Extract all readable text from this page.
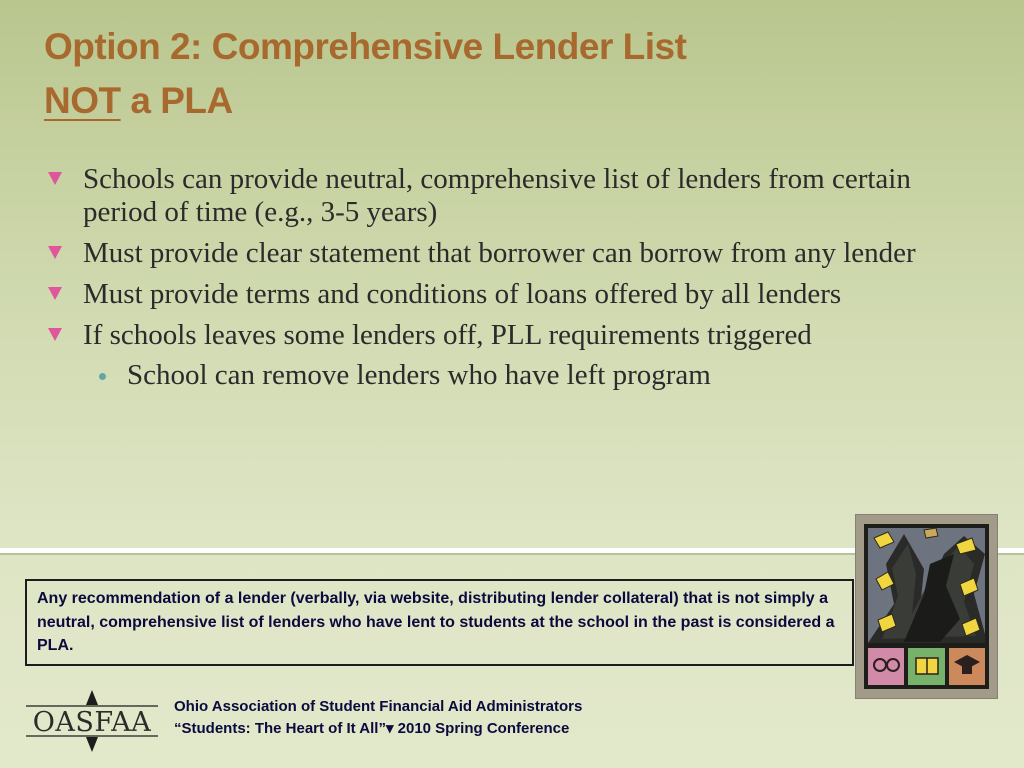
Option 2: Comprehensive Lender List
NOT a PLA
Schools can provide neutral, comprehensive list of lenders from certain period of time (e.g., 3-5 years)
Must provide clear statement that borrower can borrow from any lender
Must provide terms and conditions of loans offered by all lenders
If schools leaves some lenders off, PLL requirements triggered
School can remove lenders who have left program
Any recommendation of a lender (verbally, via website, distributing lender collateral) that is not simply a neutral, comprehensive list of lenders who have lent to students at the school in the past is considered a PLA.
OASFAA
Ohio Association of Student Financial Aid Administrators
“Students: The Heart of It All”▾ 2010 Spring Conference
